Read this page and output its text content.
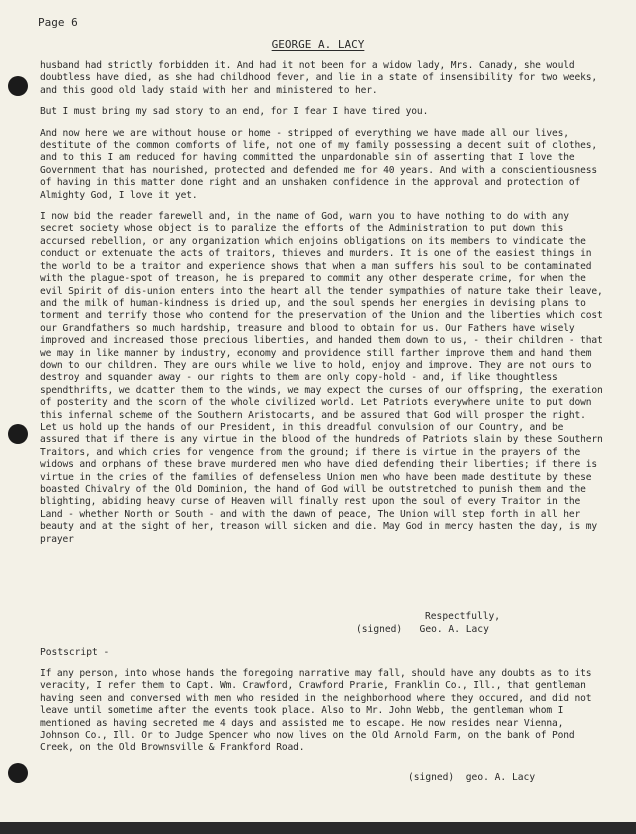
Page 6
GEORGE A. LACY

husband had strictly forbidden it. And had it not been for a widow lady, Mrs. Canady, she would doubtless have died, as she had childhood fever, and lie in a state of insensibility for two weeks, and this good old lady staid with her and ministered to her.

But I must bring my sad story to an end, for I fear I have tired you.

And now here we are without house or home - stripped of everything we have made all our lives, destitute of the common comforts of life, not one of my family possessing a decent suit of clothes, and to this I am reduced for having committed the unpardonable sin of asserting that I love the Government that has nourished, protected and defended me for 40 years. And with a conscientiousness of having in this matter done right and an unshaken confidence in the approval and protection of Almighty God, I love it yet.

I now bid the reader farewell and, in the name of God, warn you to have nothing to do with any secret society whose object is to paralize the efforts of the Administration to put down this accursed rebellion, or any organization which enjoins obligations on its members to vindicate the conduct or extenuate the acts of traitors, thieves and murders. It is one of the easiest things in the world to be a traitor and experience shows that when a man suffers his soul to be contaminated with the plague-spot of treason, he is prepared to commit any other desperate crime, for when the evil Spirit of dis-union enters into the heart all the tender sympathies of nature take their leave, and the milk of human-kindness is dried up, and the soul spends her energies in devising plans to torment and terrify those who contend for the preservation of the Union and the liberties which cost our Grandfathers so much hardship, treasure and blood to obtain for us. Our Fathers have wisely improved and increased those precious liberties, and handed them down to us, - their children - that we may in like manner by industry, economy and providence still farther improve them and hand them down to our children. They are ours while we live to hold, enjoy and improve. They are not ours to destroy and squander away - our rights to them are only copy-hold - and, if like thoughtless spendthrifts, we dcatter them to the winds, we may expect the curses of our offspring, the exeration of posterity and the scorn of the whole civilized world. Let Patriots everywhere unite to put down this infernal scheme of the Southern Aristocarts, and be assured that God will prosper the right. Let us hold up the hands of our President, in this dreadful convulsion of our Country, and be assured that if there is any virtue in the blood of the hundreds of Patriots slain by these Southern Traitors, and which cries for vengence from the ground; if there is virtue in the prayers of the widows and orphans of these brave murdered men who have died defending their liberties; if there is virtue in the cries of the families of defenseless Union men who have been made destitute by these boasted Chivalry of the Old Dominion, the hand of God will be outstretched to punish them and the blighting, abiding heavy curse of Heaven will finally rest upon the soul of every Traitor in the Land - whether North or South - and with the dawn of peace, The Union will step forth in all her beauty and at the sight of her, treason will sicken and die. May God in mercy hasten the day, is my prayer

Respectfully,
(signed) Geo. A. Lacy
Postscript -

If any person, into whose hands the foregoing narrative may fall, should have any doubts as to its veracity, I refer them to Capt. Wm. Crawford, Crawford Prarie, Franklin Co., Ill., that gentleman having seen and conversed with men who resided in the neighborhood where they occured, and did not leave until sometime after the events took place. Also to Mr. John Webb, the gentleman whom I mentioned as having secreted me 4 days and assisted me to escape. He now resides near Vienna, Johnson Co., Ill. Or to Judge Spencer who now lives on the Old Arnold Farm, on the bank of Pond Creek, on the Old Brownsville & Frankford Road.

(signed) geo. A. Lacy
